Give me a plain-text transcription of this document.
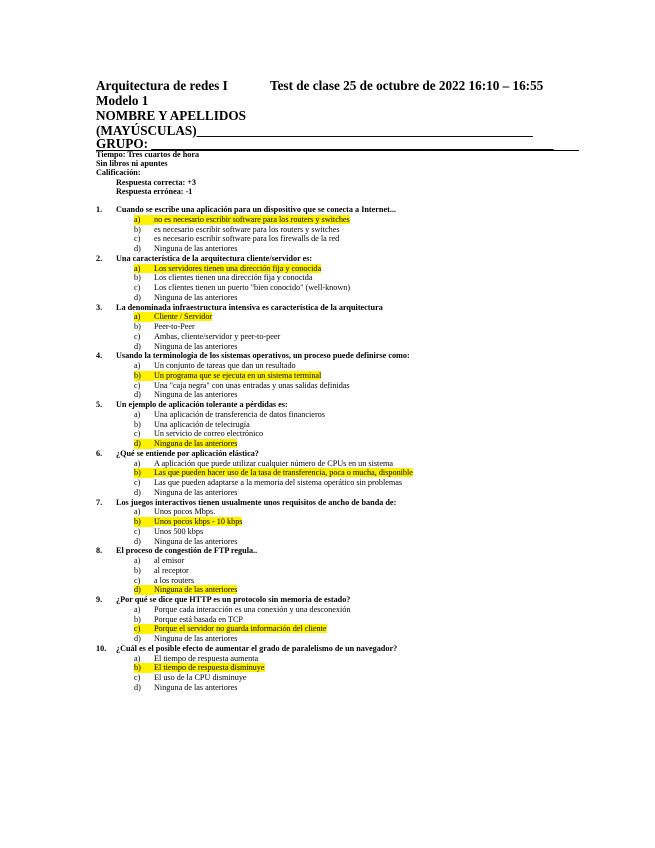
Arquitectura de redes I	Test de clase 25 de octubre de 2022 16:10 – 16:55
Modelo 1
NOMBRE Y APELLIDOS
(MAYÚSCULAS)___________________________________________________
GRUPO: _____________________________________________________________
Tiempo: Tres cuartos de hora
Sin libros ni apuntes
Calificación:
Respuesta correcta: +3
Respuesta errónea: -1
1. Cuando se escribe una aplicación para un dispositivo que se conecta a Internet...
a) no es necesario escribir software para los routers y switches
b) es necesario escribir software para los routers y switches
c) es necesario escribir software para los firewalls de la red
d) Ninguna de las anteriores
2. Una característica de la arquitectura cliente/servidor es:
a) Los servidores tienen una dirección fija y conocida
b) Los clientes tienen una dirección fija y conocida
c) Los clientes tienen un puerto "bien conocido" (well-known)
d) Ninguna de las anteriores
3. La denominada infraestructura intensiva es característica de la arquitectura
a) Cliente / Servidor
b) Peer-to-Peer
c) Ambas, cliente/servidor y peer-to-peer
d) Ninguna de las anteriores
4. Usando la terminología de los sistemas operativos, un proceso puede definirse como:
a) Un conjunto de tareas que dan un resultado
b) Un programa que se ejecuta en un sistema terminal
c) Una "caja negra" con unas entradas y unas salidas definidas
d) Ninguna de las anteriores
5. Un ejemplo de aplicación tolerante a pérdidas es:
a) Una aplicación de transferencia de datos financieros
b) Una aplicación de telecirugía
c) Un servicio de correo electrónico
d) Ninguna de las anteriores
6. ¿Qué se entiende por aplicación elástica?
a) A aplicación que puede utilizar cualquier número de CPUs en un sistema
b) Las que pueden hacer uso de la tasa de transferencia, poca o mucha, disponible
c) Las que pueden adaptarse a la memoria del sistema operático sin problemas
d) Ninguna de las anteriores
7. Los juegos interactivos tienen usualmente unos requisitos de ancho de banda de:
a) Unos pocos Mbps.
b) Unos pocos kbps - 10 kbps
c) Unos 500 kbps
d) Ninguna de las anteriores
8. El proceso de congestión de FTP regula..
a) al emisor
b) al receptor
c) a los routers
d) Ninguna de las anteriores
9. ¿Por qué se dice que HTTP es un protocolo sin memoria de estado?
a) Porque cada interacción es una conexión y una desconexión
b) Porque está basada en TCP
c) Porque el servidor no guarda información del cliente
d) Ninguna de las anteriores
10. ¿Cuál es el posible efecto de aumentar el grado de paralelismo de un navegador?
a) El tiempo de respuesta aumenta
b) El tiempo de respuesta disminuye
c) El uso de la CPU disminuye
d) Ninguna de las anteriores
